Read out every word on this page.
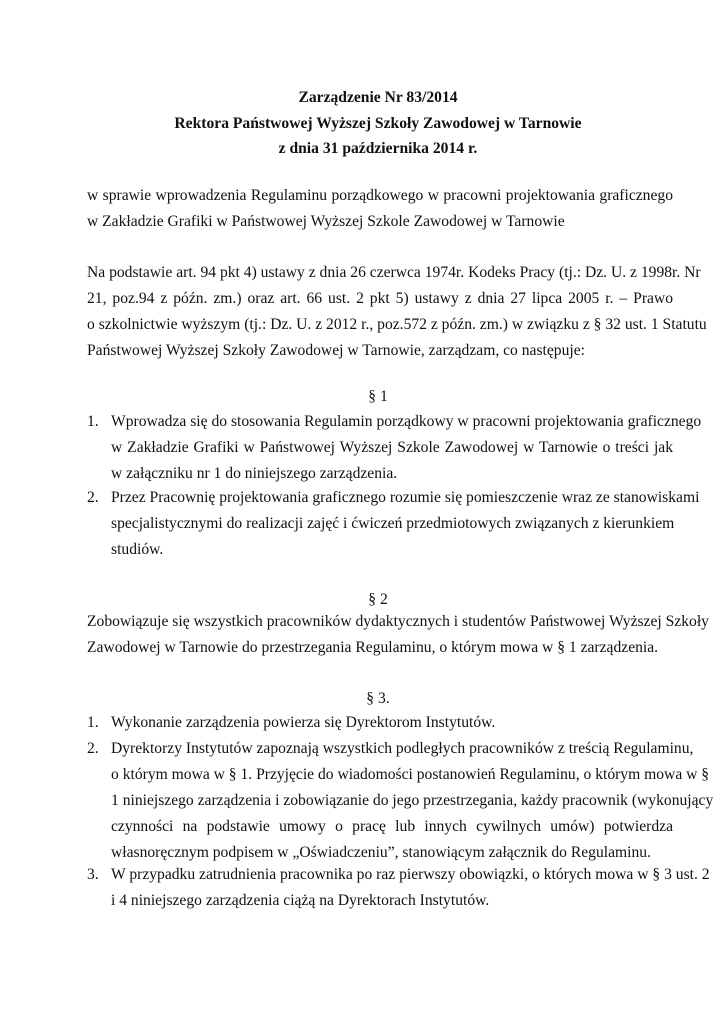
Zarządzenie Nr 83/2014
Rektora Państwowej Wyższej Szkoły Zawodowej w Tarnowie
z dnia 31 października 2014 r.
w sprawie wprowadzenia Regulaminu porządkowego w pracowni projektowania graficznego
w Zakładzie Grafiki w Państwowej Wyższej Szkole Zawodowej w Tarnowie
Na podstawie art. 94 pkt 4) ustawy z dnia 26 czerwca 1974r. Kodeks Pracy (tj.: Dz. U. z 1998r. Nr
21, poz.94 z późn. zm.) oraz art. 66 ust. 2 pkt 5) ustawy z dnia 27 lipca 2005 r. – Prawo
o szkolnictwie wyższym (tj.: Dz. U. z 2012 r., poz.572 z późn. zm.) w związku z § 32 ust. 1 Statutu
Państwowej Wyższej Szkoły Zawodowej w Tarnowie, zarządzam, co następuje:
§ 1
1. Wprowadza się do stosowania Regulamin porządkowy w pracowni projektowania graficznego
w Zakładzie Grafiki w Państwowej Wyższej Szkole Zawodowej w Tarnowie o treści jak
w załączniku nr 1 do niniejszego zarządzenia.
2. Przez Pracownię projektowania graficznego rozumie się pomieszczenie wraz ze stanowiskami
specjalistycznymi do realizacji zajęć i ćwiczeń przedmiotowych związanych z kierunkiem
studiów.
§ 2
Zobowiązuje się wszystkich pracowników dydaktycznych i studentów Państwowej Wyższej Szkoły
Zawodowej w Tarnowie do przestrzegania Regulaminu, o którym mowa w § 1 zarządzenia.
§ 3.
1. Wykonanie zarządzenia powierza się Dyrektorom Instytutów.
2. Dyrektorzy Instytutów zapoznają wszystkich podległych pracowników z treścią Regulaminu,
o którym mowa w § 1. Przyjęcie do wiadomości postanowień Regulaminu, o którym mowa w §
1 niniejszego zarządzenia i zobowiązanie do jego przestrzegania, każdy pracownik (wykonujący
czynności na podstawie umowy o pracę lub innych cywilnych umów) potwierdza
własnoręcznym podpisem w „Oświadczeniu”, stanowiącym załącznik do Regulaminu.
3. W przypadku zatrudnienia pracownika po raz pierwszy obowiązki, o których mowa w § 3 ust. 2
i 4 niniejszego zarządzenia ciążą na Dyrektorach Instytutów.
